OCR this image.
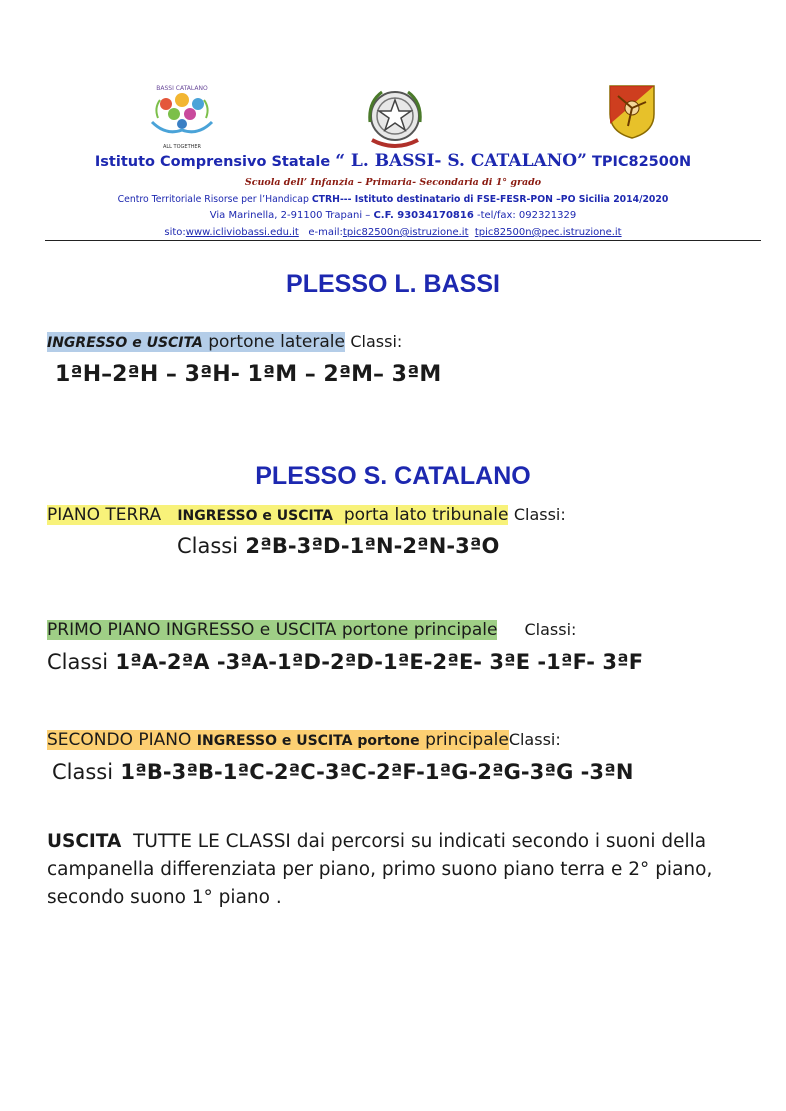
BASSI CATALANO
ALL TOGETHER
Istituto Comprensivo Statale “ L. BASSI- S. CATALANO” TPIC82500N
Scuola dell’ Infanzia – Primaria- Secondaria di 1° grado
Centro Territoriale Risorse per l’Handicap CTRH--- Istituto destinatario di FSE-FESR-PON –PO Sicilia 2014/2020
Via Marinella, 2-91100 Trapani – C.F. 93034170816 -tel/fax: 092321329
sito:www.icliviobassi.edu.it e-mail:tpic82500n@istruzione.it tpic82500n@pec.istruzione.it
PLESSO L. BASSI
INGRESSO e USCITA portone laterale Classi:
1ªH–2ªH – 3ªH- 1ªM – 2ªM– 3ªM
PLESSO S. CATALANO
PIANO TERRA INGRESSO e USCITA porta lato tribunale Classi:
Classi 2ªB-3ªD-1ªN-2ªN-3ªO
PRIMO PIANO INGRESSO e USCITA portone principale Classi:
Classi 1ªA-2ªA -3ªA-1ªD-2ªD-1ªE-2ªE- 3ªE -1ªF- 3ªF
SECONDO PIANO INGRESSO e USCITA portone principaleClassi:
Classi 1ªB-3ªB-1ªC-2ªC-3ªC-2ªF-1ªG-2ªG-3ªG -3ªN
USCITA TUTTE LE CLASSI dai percorsi su indicati secondo i suoni della campanella differenziata per piano, primo suono piano terra e 2° piano, secondo suono 1° piano .
